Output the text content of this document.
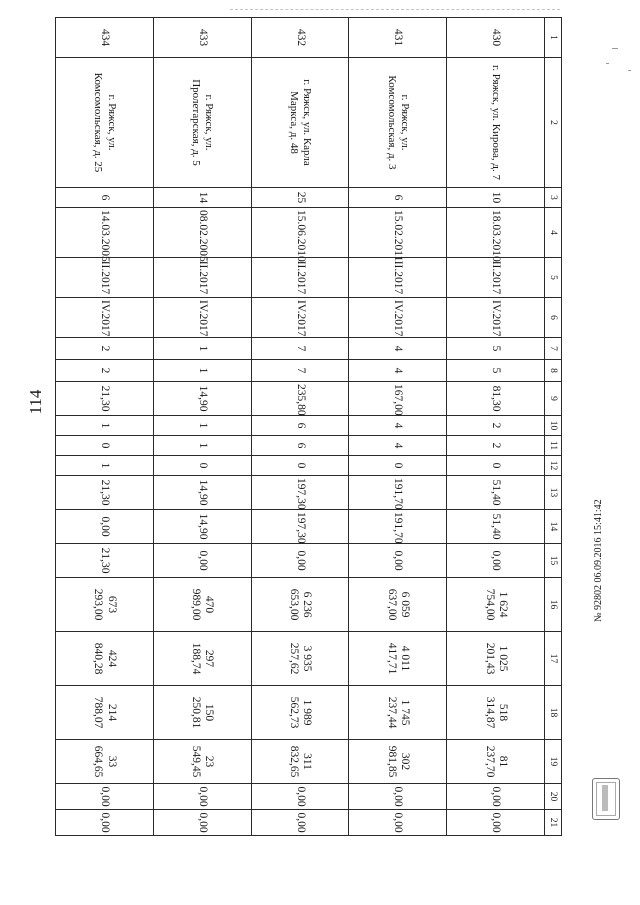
114
1	2	3	4	5	6	7	8	9	10	11	12	13	14	15	16	17	18	19	20	21
430	г. Ряжск, ул. Кирова, д. 7	10	18.03.2010	II.2017	IV.2017	5	5	81,30	2	2	0	51,40	51,40	0,00	1 624 754,00	1 025 201,43	518 314,87	81 237,70	0,00	0,00
431	г. Ряжск, ул. Комсомольская, д. 3	6	15.02.2011	II.2017	IV.2017	4	4	167,00	4	4	0	191,70	191,70	0,00	6 059 637,00	4 011 417,71	1 745 237,44	302 981,85	0,00	0,00
432	г. Ряжск, ул. Карла Маркса, д. 48	25	15.06.2010	II.2017	IV.2017	7	7	235,80	6	6	0	197,30	197,30	0,00	6 236 653,00	3 935 257,62	1 989 562,73	311 832,65	0,00	0,00
433	г. Ряжск, ул. Пролетарская, д. 5	14	08.02.2005	II.2017	IV.2017	1	1	14,90	1	1	0	14,90	14,90	0,00	470 989,00	297 188,74	150 250,81	23 549,45	0,00	0,00
434	г. Ряжск, ул. Комсомольская, д. 25	6	14.03.2005	II.2017	IV.2017	2	2	21,30	1	0	1	21,30	0,00	21,30	673 293,00	424 840,28	214 788,07	33 664,65	0,00	0,00
№ 92802 06.09.2016 15:41:42
